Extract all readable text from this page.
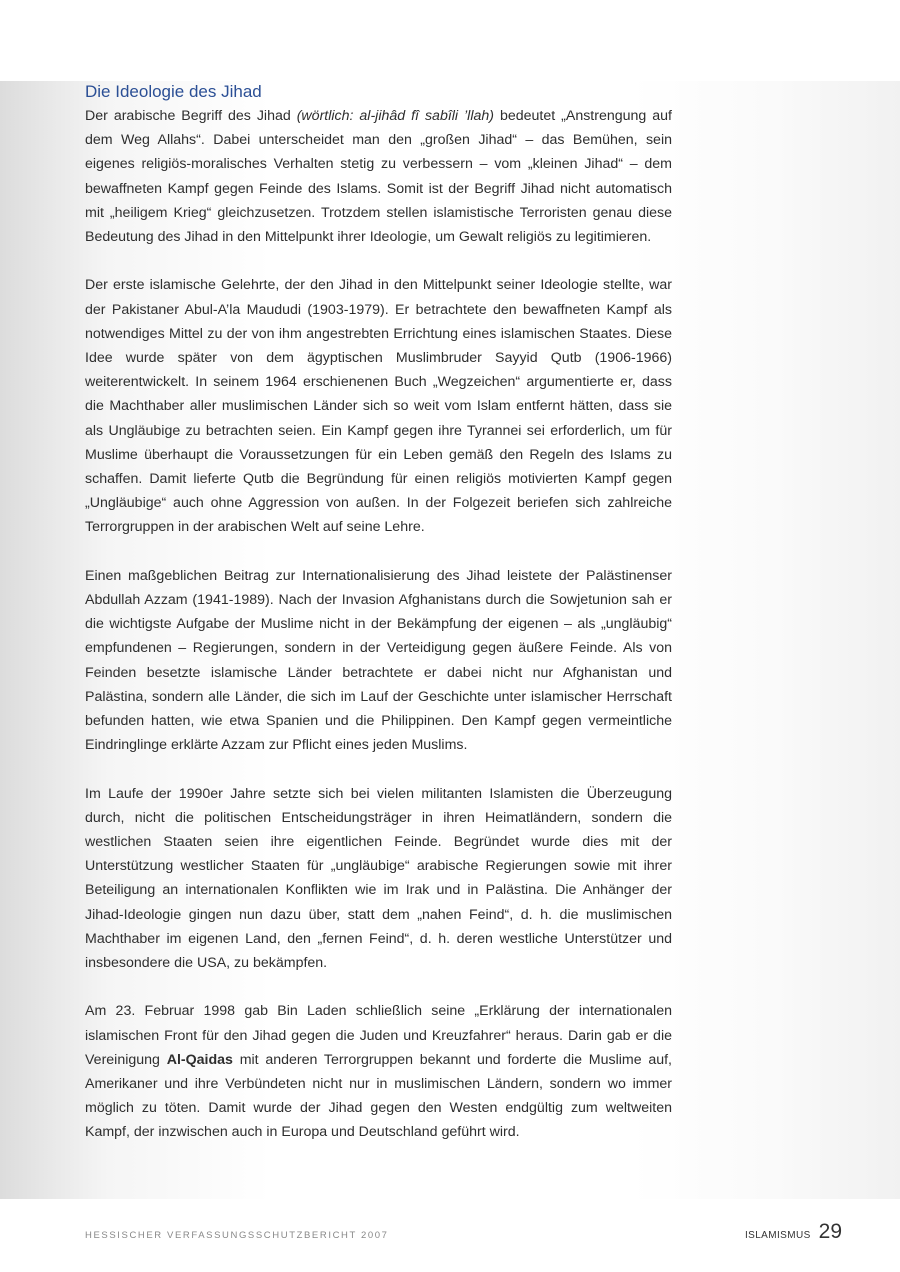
Die Ideologie des Jihad

Der arabische Begriff des Jihad (wörtlich: al-jihâd fî sabîli ’llah) bedeutet „Anstrengung auf dem Weg Allahs“. Dabei unterscheidet man den „großen Jihad“ – das Bemühen, sein eigenes religiös-moralisches Verhalten stetig zu verbessern – vom „kleinen Jihad“ – dem bewaffneten Kampf gegen Feinde des Islams. Somit ist der Begriff Jihad nicht automatisch mit „heiligem Krieg“ gleichzusetzen. Trotzdem stellen islamistische Terroristen genau diese Bedeutung des Jihad in den Mittelpunkt ihrer Ideologie, um Gewalt religiös zu legitimieren.

Der erste islamische Gelehrte, der den Jihad in den Mittelpunkt seiner Ideologie stellte, war der Pakistaner Abul-A’la Maududi (1903-1979). Er betrachtete den bewaffneten Kampf als notwendiges Mittel zu der von ihm angestrebten Errichtung eines islamischen Staates. Diese Idee wurde später von dem ägyptischen Muslimbruder Sayyid Qutb (1906-1966) weiterentwickelt. In seinem 1964 erschienenen Buch „Wegzeichen“ argumentierte er, dass die Machthaber aller muslimischen Länder sich so weit vom Islam entfernt hätten, dass sie als Ungläubige zu betrachten seien. Ein Kampf gegen ihre Tyrannei sei erforderlich, um für Muslime überhaupt die Voraussetzungen für ein Leben gemäß den Regeln des Islams zu schaffen. Damit lieferte Qutb die Begründung für einen religiös motivierten Kampf gegen „Ungläubige“ auch ohne Aggression von außen. In der Folgezeit beriefen sich zahlreiche Terrorgruppen in der arabischen Welt auf seine Lehre.

Einen maßgeblichen Beitrag zur Internationalisierung des Jihad leistete der Palästinenser Abdullah Azzam (1941-1989). Nach der Invasion Afghanistans durch die Sowjetunion sah er die wichtigste Aufgabe der Muslime nicht in der Bekämpfung der eigenen – als „ungläubig“ empfundenen – Regierungen, sondern in der Verteidigung gegen äußere Feinde. Als von Feinden besetzte islamische Länder betrachtete er dabei nicht nur Afghanistan und Palästina, sondern alle Länder, die sich im Lauf der Geschichte unter islamischer Herrschaft befunden hatten, wie etwa Spanien und die Philippinen. Den Kampf gegen vermeintliche Eindringlinge erklärte Azzam zur Pflicht eines jeden Muslims.

Im Laufe der 1990er Jahre setzte sich bei vielen militanten Islamisten die Überzeugung durch, nicht die politischen Entscheidungsträger in ihren Heimatländern, sondern die westlichen Staaten seien ihre eigentlichen Feinde. Begründet wurde dies mit der Unterstützung westlicher Staaten für „ungläubige“ arabische Regierungen sowie mit ihrer Beteiligung an internationalen Konflikten wie im Irak und in Palästina. Die Anhänger der Jihad-Ideologie gingen nun dazu über, statt dem „nahen Feind“, d. h. die muslimischen Machthaber im eigenen Land, den „fernen Feind“, d. h. deren westliche Unterstützer und insbesondere die USA, zu bekämpfen.

Am 23. Februar 1998 gab Bin Laden schließlich seine „Erklärung der internationalen islamischen Front für den Jihad gegen die Juden und Kreuzfahrer“ heraus. Darin gab er die Vereinigung Al-Qaidas mit anderen Terrorgruppen bekannt und forderte die Muslime auf, Amerikaner und ihre Verbündeten nicht nur in muslimischen Ländern, sondern wo immer möglich zu töten. Damit wurde der Jihad gegen den Westen endgültig zum weltweiten Kampf, der inzwischen auch in Europa und Deutschland geführt wird.

HESSISCHER VERFASSUNGSSCHUTZBERICHT 2007	ISLAMISMUS 29
